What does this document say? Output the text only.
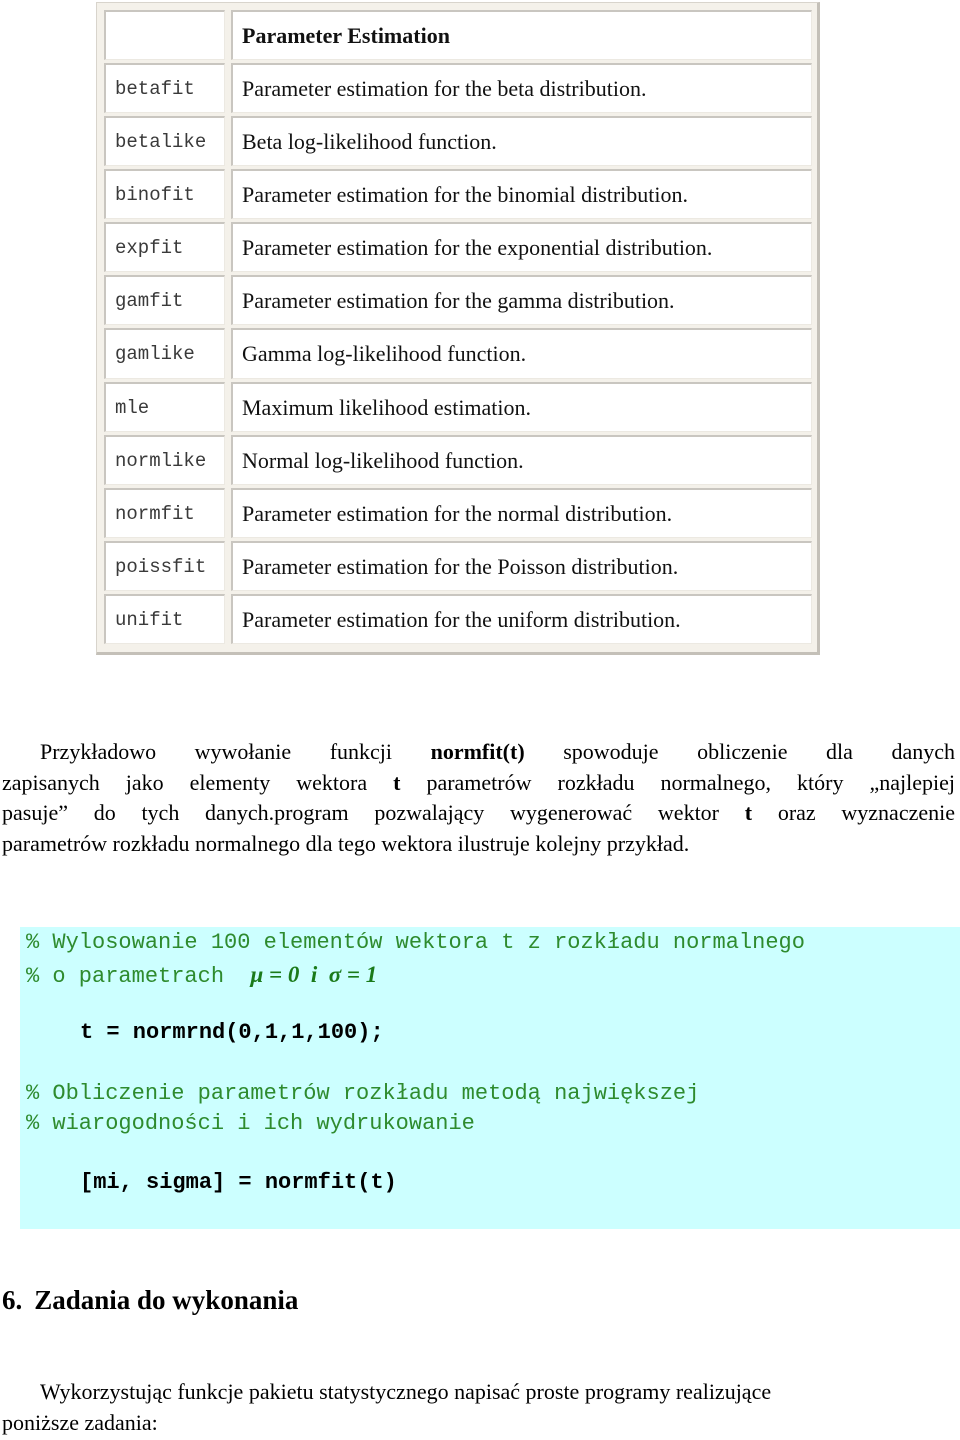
Parameter Estimation
betafit	Parameter estimation for the beta distribution.
betalike	Beta log-likelihood function.
binofit	Parameter estimation for the binomial distribution.
expfit	Parameter estimation for the exponential distribution.
gamfit	Parameter estimation for the gamma distribution.
gamlike	Gamma log-likelihood function.
mle	Maximum likelihood estimation.
normlike	Normal log-likelihood function.
normfit	Parameter estimation for the normal distribution.
poissfit	Parameter estimation for the Poisson distribution.
unifit	Parameter estimation for the uniform distribution.

Przykładowo wywołanie funkcji normfit(t) spowoduje obliczenie dla danych
zapisanych jako elementy wektora t parametrów rozkładu normalnego, który „najlepiej
pasuje” do tych danych.program pozwalający wygenerować wektor t oraz wyznaczenie
parametrów rozkładu normalnego dla tego wektora ilustruje kolejny przykład.

% Wylosowanie 100 elementów wektora t z rozkładu normalnego
% o parametrach  μ = 0  i  σ = 1
t = normrnd(0,1,1,100);
% Obliczenie parametrów rozkładu metodą największej
% wiarogodności i ich wydrukowanie
[mi, sigma] = normfit(t)
6. Zadania do wykonania

Wykorzystując funkcje pakietu statystycznego napisać proste programy realizujące
poniższe zadania:
